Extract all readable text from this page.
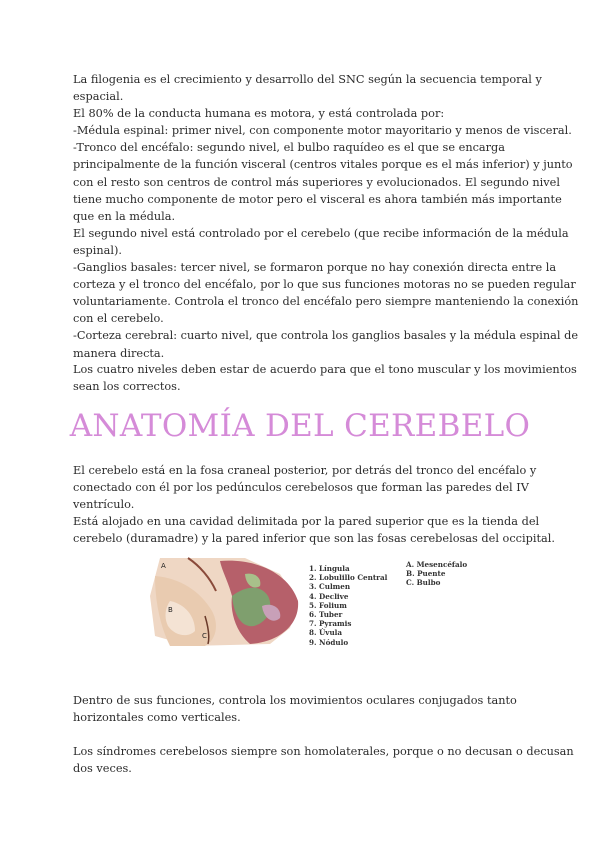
La filogenia es el crecimiento y desarrollo del SNC según la secuencia temporal y
espacial.
El 80% de la conducta humana es motora, y está controlada por:
-Médula espinal: primer nivel, con componente motor mayoritario y menos de visceral.
-Tronco del encéfalo: segundo nivel, el bulbo raquídeo es el que se encarga
principalmente de la función visceral (centros vitales porque es el más inferior) y junto
con el resto son centros de control más superiores y evolucionados. El segundo nivel
tiene mucho componente de motor pero el visceral es ahora también más importante
que en la médula.
El segundo nivel está controlado por el cerebelo (que recibe información de la médula
espinal).
-Ganglios basales: tercer nivel, se formaron porque no hay conexión directa entre la
corteza y el tronco del encéfalo, por lo que sus funciones motoras no se pueden regular
voluntariamente. Controla el tronco del encéfalo pero siempre manteniendo la conexión
con el cerebelo.
-Corteza cerebral: cuarto nivel, que controla los ganglios basales y la médula espinal de
manera directa.
Los cuatro niveles deben estar de acuerdo para que el tono muscular y los movimientos
sean los correctos.
ANATOMÍA DEL CEREBELO
El cerebelo está en la fosa craneal posterior, por detrás del tronco del encéfalo y
conectado con él por los pedúnculos cerebelosos que forman las paredes del IV
ventrículo.
Está alojado en una cavidad delimitada por la pared superior que es la tienda del
cerebelo (duramadre) y la pared inferior que son las fosas cerebelosas del occipital.
A
B
C
1. Língula
2. Lobulillo Central
3. Culmen
4. Declive
5. Folium
6. Tuber
7. Pyramis
8. Úvula
9. Nódulo
A. Mesencéfalo
B. Puente
C. Bulbo
Dentro de sus funciones, controla los movimientos oculares conjugados tanto
horizontales como verticales.
Los síndromes cerebelosos siempre son homolaterales, porque o no decusan o decusan
dos veces.
